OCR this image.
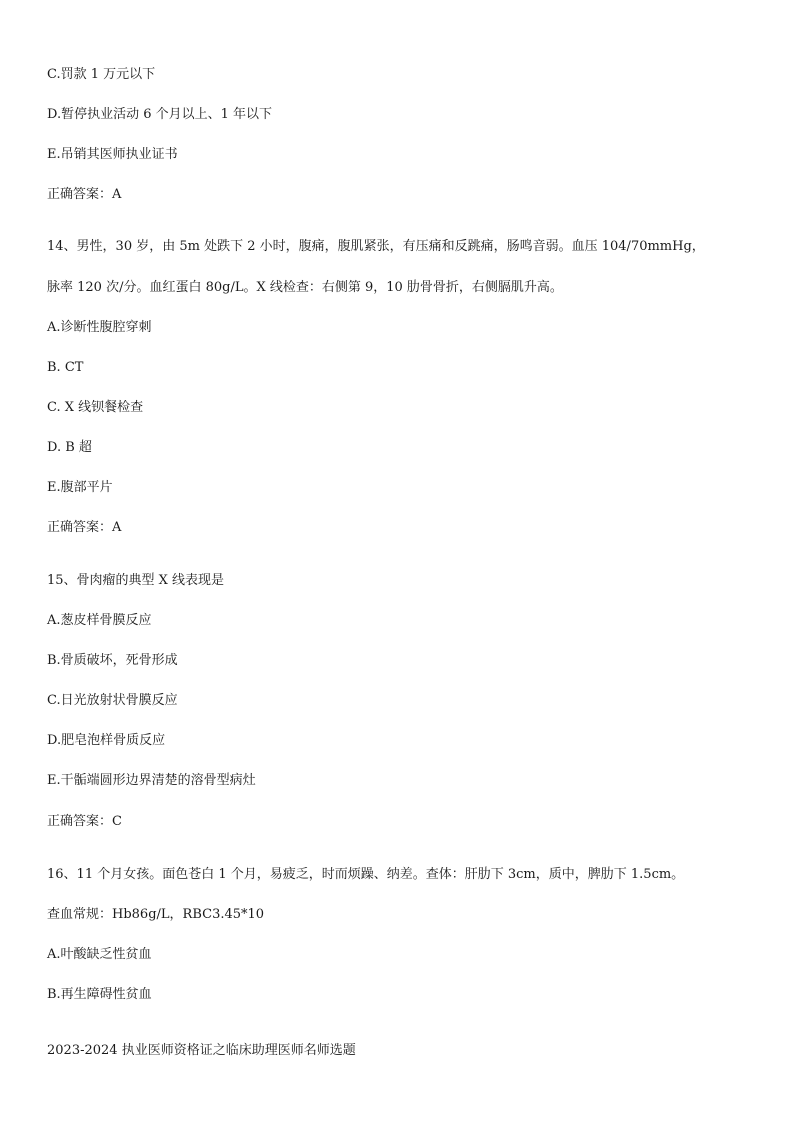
C.罚款 1 万元以下
D.暂停执业活动 6 个月以上、1 年以下
E.吊销其医师执业证书
正确答案：A
14、男性，30 岁，由 5m 处跌下 2 小时，腹痛，腹肌紧张，有压痛和反跳痛，肠鸣音弱。血压 104/70mmHg，
脉率 120 次/分。血红蛋白 80g/L。X 线检查：右侧第 9，10 肋骨骨折，右侧膈肌升高。
A.诊断性腹腔穿刺
B. CT
C. X 线钡餐检查
D. B 超
E.腹部平片
正确答案：A
15、骨肉瘤的典型 X 线表现是
A.葱皮样骨膜反应
B.骨质破坏，死骨形成
C.日光放射状骨膜反应
D.肥皂泡样骨质反应
E.干骺端圆形边界清楚的溶骨型病灶
正确答案：C
16、11 个月女孩。面色苍白 1 个月，易疲乏，时而烦躁、纳差。查体：肝肋下 3cm，质中，脾肋下 1.5cm。
查血常规：Hb86g/L，RBC3.45*10
A.叶酸缺乏性贫血
B.再生障碍性贫血
2023-2024 执业医师资格证之临床助理医师名师选题
